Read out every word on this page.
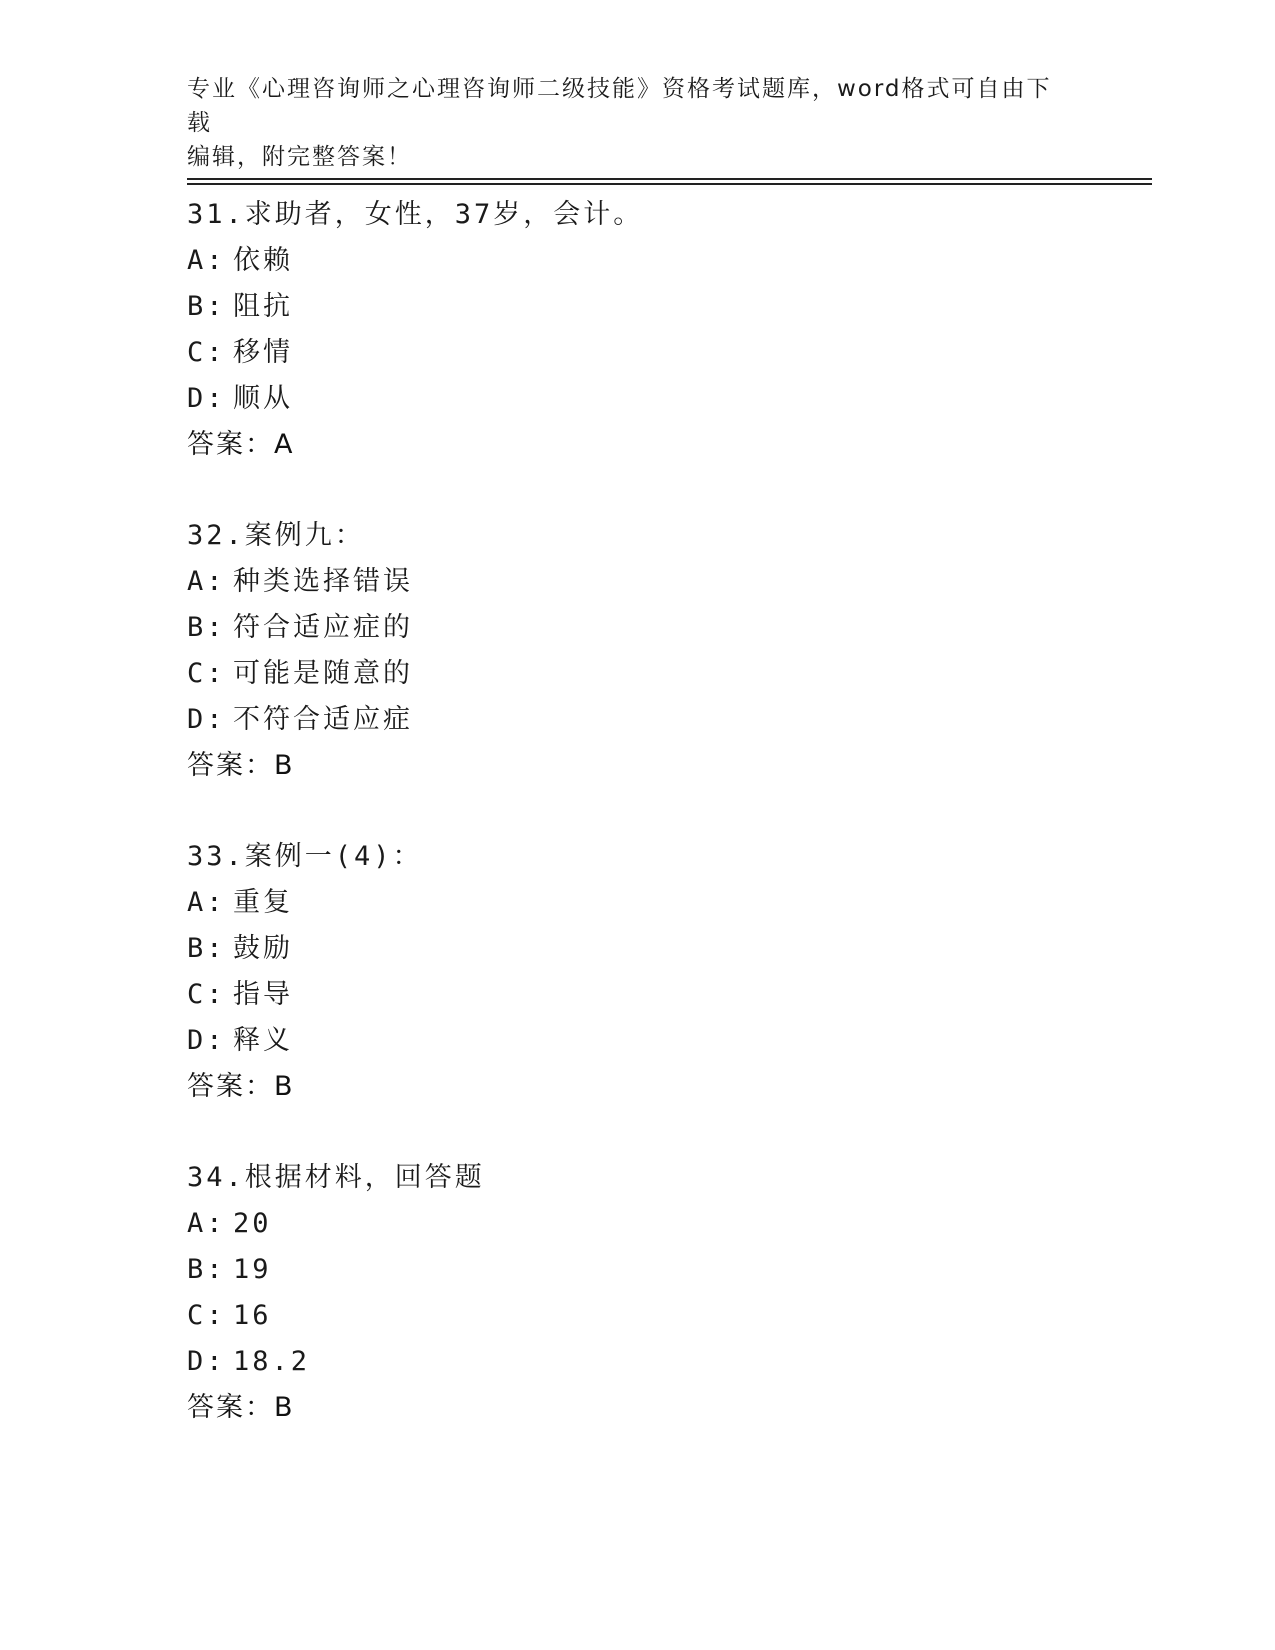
专业《心理咨询师之心理咨询师二级技能》资格考试题库，word格式可自由下载
编辑，附完整答案！
31.求助者，女性，37岁，会计。
A: 依赖
B: 阻抗
C: 移情
D: 顺从
答案：A
32.案例九：
A: 种类选择错误
B: 符合适应症的
C: 可能是随意的
D: 不符合适应症
答案：B
33.案例一(4)：
A: 重复
B: 鼓励
C: 指导
D: 释义
答案：B
34.根据材料，回答题
A: 20
B: 19
C: 16
D: 18.2
答案：B
